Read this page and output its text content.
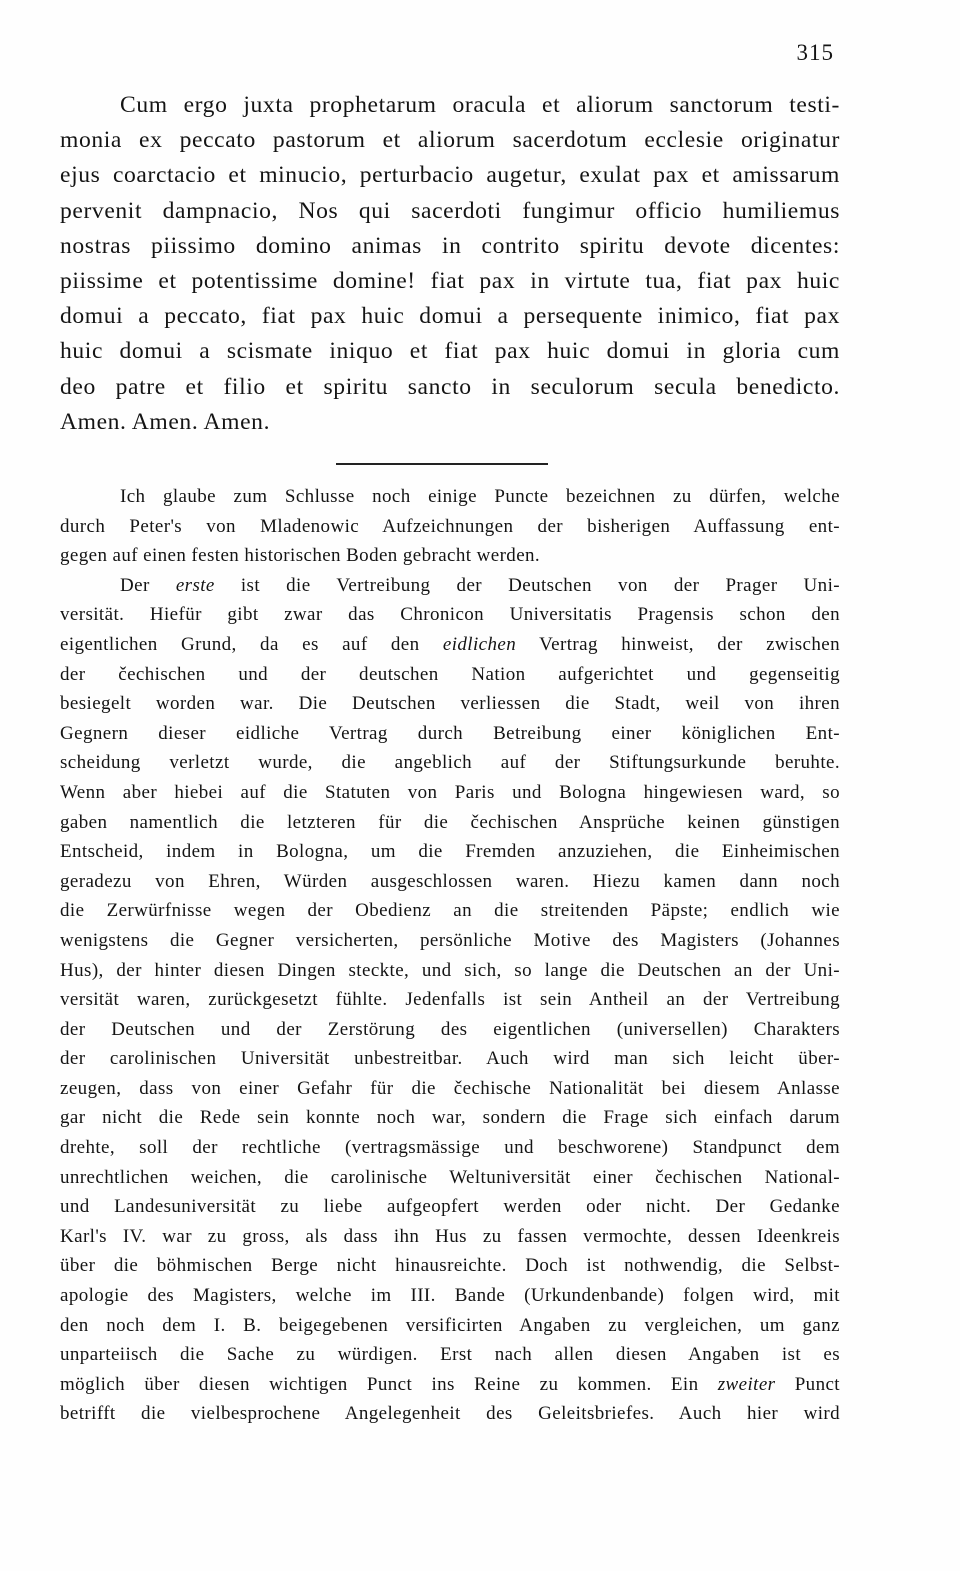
315
Cum ergo juxta prophetarum oracula et aliorum sanctorum testi-
monia ex peccato pastorum et aliorum sacerdotum ecclesie originatur
ejus coarctacio et minucio, perturbacio augetur, exulat pax et amissarum
pervenit dampnacio, Nos qui sacerdoti fungimur officio humiliemus
nostras piissimo domino animas in contrito spiritu devote dicentes:
piissime et potentissime domine! fiat pax in virtute tua, fiat pax huic
domui a peccato, fiat pax huic domui a persequente inimico, fiat pax
huic domui a scismate iniquo et fiat pax huic domui in gloria cum
deo patre et filio et spiritu sancto in seculorum secula benedicto.
Amen. Amen. Amen.
Ich glaube zum Schlusse noch einige Puncte bezeichnen zu dürfen, welche
durch Peter's von Mladenowic Aufzeichnungen der bisherigen Auffassung ent-
gegen auf einen festen historischen Boden gebracht werden.
Der erste ist die Vertreibung der Deutschen von der Prager Uni-
versität. Hiefür gibt zwar das Chronicon Universitatis Pragensis schon den
eigentlichen Grund, da es auf den eidlichen Vertrag hinweist, der zwischen
der čechischen und der deutschen Nation aufgerichtet und gegenseitig
besiegelt worden war. Die Deutschen verliessen die Stadt, weil von ihren
Gegnern dieser eidliche Vertrag durch Betreibung einer königlichen Ent-
scheidung verletzt wurde, die angeblich auf der Stiftungsurkunde beruhte.
Wenn aber hiebei auf die Statuten von Paris und Bologna hingewiesen ward, so
gaben namentlich die letzteren für die čechischen Ansprüche keinen günstigen
Entscheid, indem in Bologna, um die Fremden anzuziehen, die Einheimischen
geradezu von Ehren, Würden ausgeschlossen waren. Hiezu kamen dann noch
die Zerwürfnisse wegen der Obedienz an die streitenden Päpste; endlich wie
wenigstens die Gegner versicherten, persönliche Motive des Magisters (Johannes
Hus), der hinter diesen Dingen steckte, und sich, so lange die Deutschen an der Uni-
versität waren, zurückgesetzt fühlte. Jedenfalls ist sein Antheil an der Vertreibung
der Deutschen und der Zerstörung des eigentlichen (universellen) Charakters
der carolinischen Universität unbestreitbar. Auch wird man sich leicht über-
zeugen, dass von einer Gefahr für die čechische Nationalität bei diesem Anlasse
gar nicht die Rede sein konnte noch war, sondern die Frage sich einfach darum
drehte, soll der rechtliche (vertragsmässige und beschworene) Standpunct dem
unrechtlichen weichen, die carolinische Weltuniversität einer čechischen National-
und Landesuniversität zu liebe aufgeopfert werden oder nicht. Der Gedanke
Karl's IV. war zu gross, als dass ihn Hus zu fassen vermochte, dessen Ideenkreis
über die böhmischen Berge nicht hinausreichte. Doch ist nothwendig, die Selbst-
apologie des Magisters, welche im III. Bande (Urkundenbande) folgen wird, mit
den noch dem I. B. beigegebenen versificirten Angaben zu vergleichen, um ganz
unparteiisch die Sache zu würdigen. Erst nach allen diesen Angaben ist es
möglich über diesen wichtigen Punct ins Reine zu kommen. Ein zweiter Punct
betrifft die vielbesprochene Angelegenheit des Geleitsbriefes. Auch hier wird
